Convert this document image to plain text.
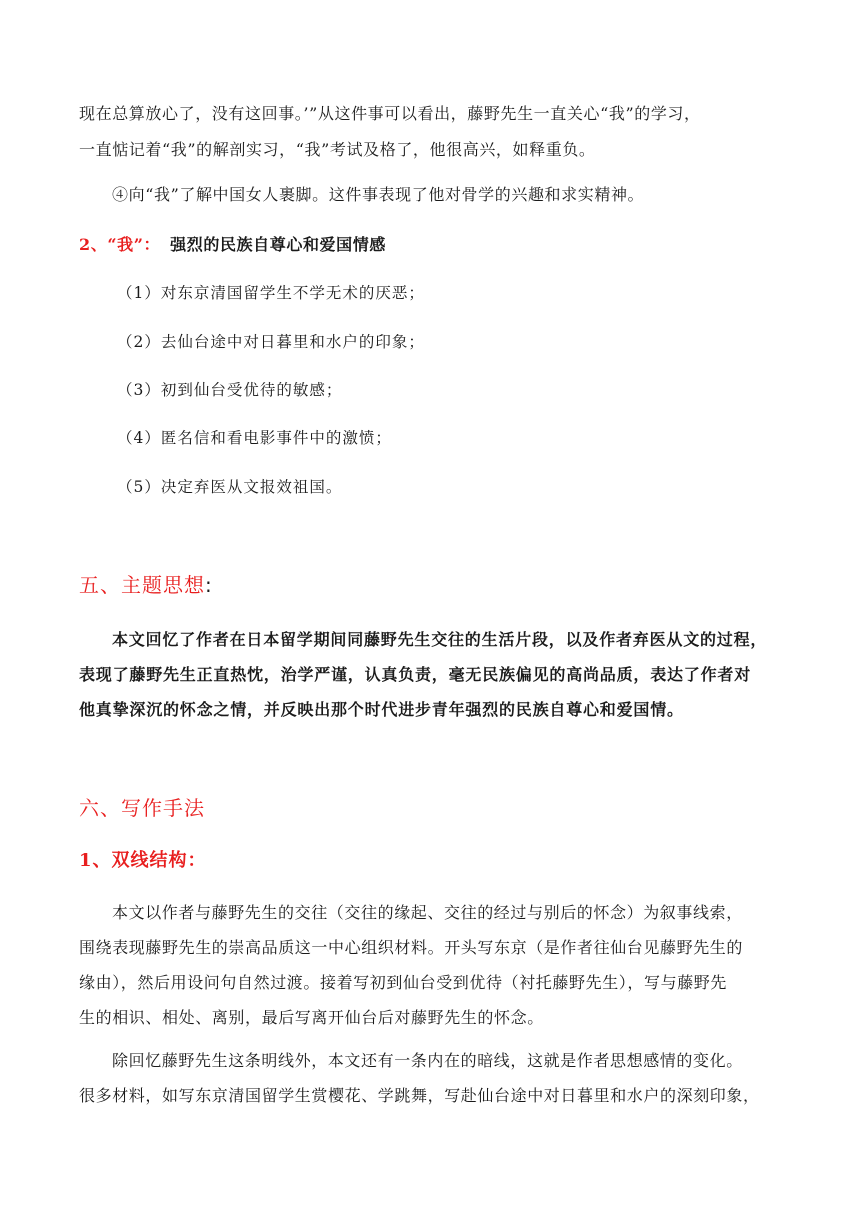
现在总算放心了，没有这回事。’”从这件事可以看出，藤野先生一直关心“我”的学习，
一直惦记着“我”的解剖实习，“我”考试及格了，他很高兴，如释重负。
④向“我”了解中国女人裹脚。这件事表现了他对骨学的兴趣和求实精神。
2、“我”： 强烈的民族自尊心和爱国情感
（1）对东京清国留学生不学无术的厌恶；
（2）去仙台途中对日暮里和水户的印象；
（3）初到仙台受优待的敏感；
（4）匿名信和看电影事件中的激愤；
（5）决定弃医从文报效祖国。
五、主题思想:
本文回忆了作者在日本留学期间同藤野先生交往的生活片段，以及作者弃医从文的过程，
表现了藤野先生正直热忱，治学严谨，认真负责，毫无民族偏见的高尚品质，表达了作者对
他真挚深沉的怀念之情，并反映出那个时代进步青年强烈的民族自尊心和爱国情。
六、写作手法
1、双线结构：
本文以作者与藤野先生的交往（交往的缘起、交往的经过与别后的怀念）为叙事线索，
围绕表现藤野先生的崇高品质这一中心组织材料。开头写东京（是作者往仙台见藤野先生的
缘由），然后用设问句自然过渡。接着写初到仙台受到优待（衬托藤野先生），写与藤野先
生的相识、相处、离别，最后写离开仙台后对藤野先生的怀念。
除回忆藤野先生这条明线外，本文还有一条内在的暗线，这就是作者思想感情的变化。
很多材料，如写东京清国留学生赏樱花、学跳舞，写赴仙台途中对日暮里和水户的深刻印象，
